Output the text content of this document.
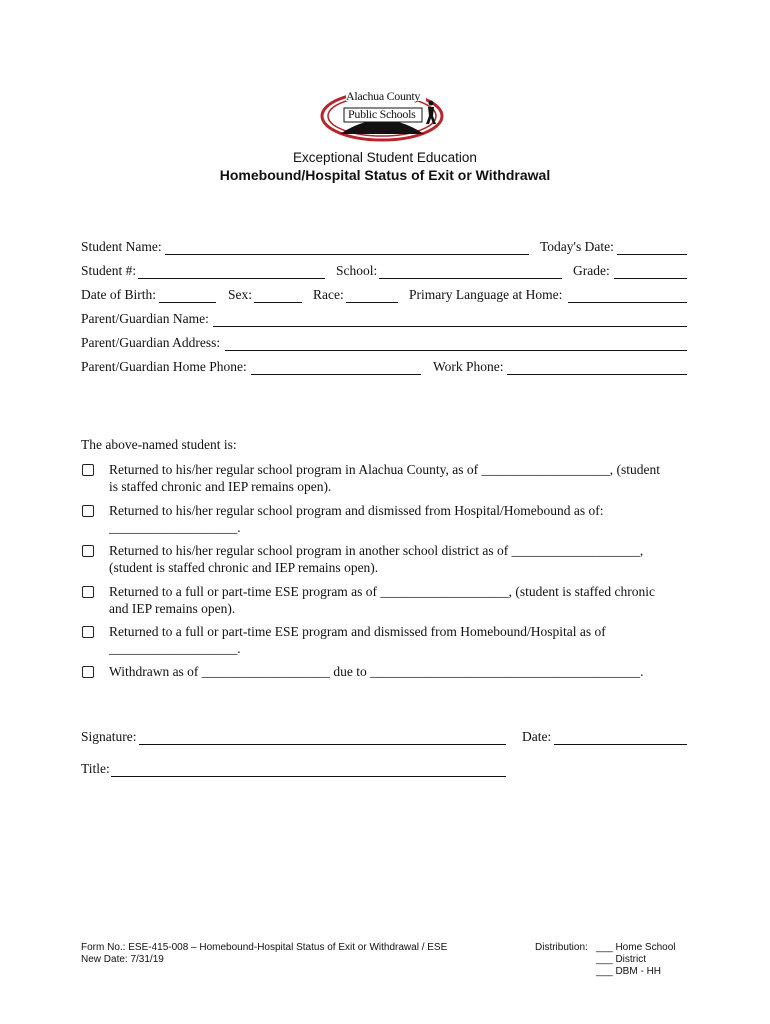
Alachua County
Public Schools
Exceptional Student Education
Homebound/Hospital Status of Exit or Withdrawal
Student Name:	Today's Date:
Student #:	School:	Grade:
Date of Birth:	Sex:	Race:	Primary Language at Home:
Parent/Guardian Name:
Parent/Guardian Address:
Parent/Guardian Home Phone:	Work Phone:
The above-named student is:
Returned to his/her regular school program in Alachua County, as of ___________________, (student
is staffed chronic and IEP remains open).
Returned to his/her regular school program and dismissed from Hospital/Homebound as of:
___________________.
Returned to his/her regular school program in another school district as of ___________________,
(student is staffed chronic and IEP remains open).
Returned to a full or part-time ESE program as of ___________________, (student is staffed chronic
and IEP remains open).
Returned to a full or part-time ESE program and dismissed from Homebound/Hospital as of
___________________.
Withdrawn as of ___________________ due to ________________________________________.
Signature:	Date:
Title:
Form No.: ESE-415-008 – Homebound-Hospital Status of Exit or Withdrawal / ESE
New Date: 7/31/19
Distribution: ___ Home School
___ District
___ DBM - HH
